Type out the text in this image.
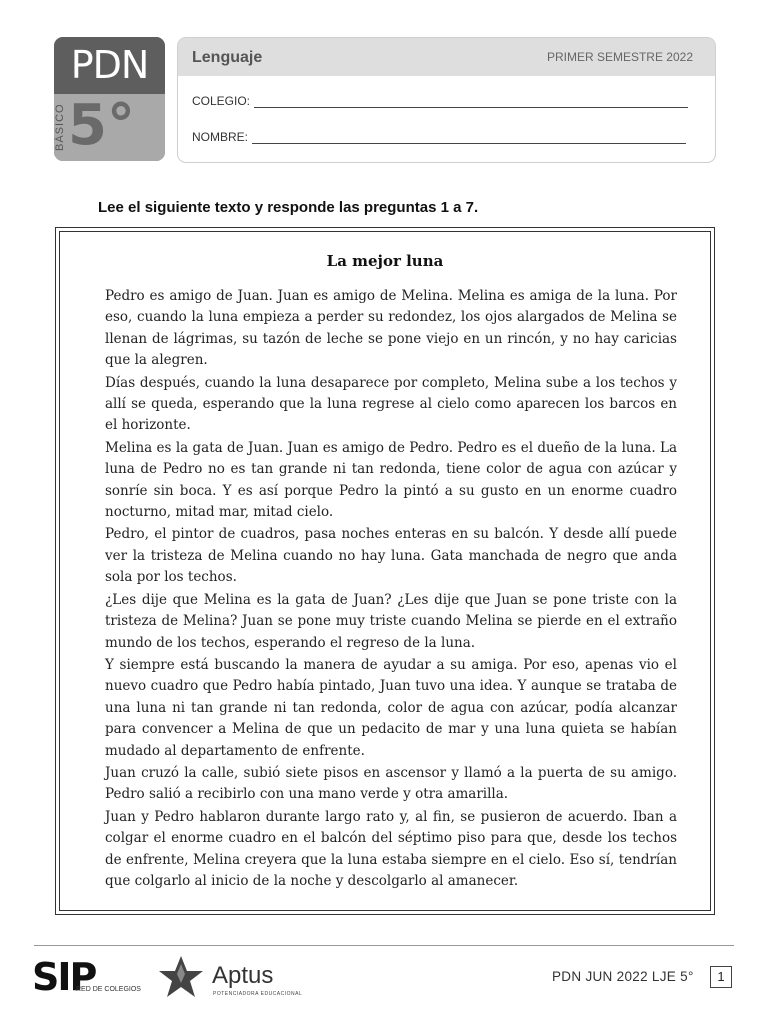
PDN
5°
BÁSICO
Lenguaje	PRIMER SEMESTRE 2022
COLEGIO:
NOMBRE:
Lee el siguiente texto y responde las preguntas 1 a 7.
La mejor luna

Pedro es amigo de Juan. Juan es amigo de Melina. Melina es amiga de la luna. Por eso, cuando la luna empieza a perder su redondez, los ojos alargados de Melina se llenan de lágrimas, su tazón de leche se pone viejo en un rincón, y no hay caricias que la alegren.

Días después, cuando la luna desaparece por completo, Melina sube a los techos y allí se queda, esperando que la luna regrese al cielo como aparecen los barcos en el horizonte.

Melina es la gata de Juan. Juan es amigo de Pedro. Pedro es el dueño de la luna. La luna de Pedro no es tan grande ni tan redonda, tiene color de agua con azúcar y sonríe sin boca. Y es así porque Pedro la pintó a su gusto en un enorme cuadro nocturno, mitad mar, mitad cielo.

Pedro, el pintor de cuadros, pasa noches enteras en su balcón. Y desde allí puede ver la tristeza de Melina cuando no hay luna. Gata manchada de negro que anda sola por los techos.

¿Les dije que Melina es la gata de Juan? ¿Les dije que Juan se pone triste con la tristeza de Melina? Juan se pone muy triste cuando Melina se pierde en el extraño mundo de los techos, esperando el regreso de la luna.

Y siempre está buscando la manera de ayudar a su amiga. Por eso, apenas vio el nuevo cuadro que Pedro había pintado, Juan tuvo una idea. Y aunque se trataba de una luna ni tan grande ni tan redonda, color de agua con azúcar, podía alcanzar para convencer a Melina de que un pedacito de mar y una luna quieta se habían mudado al departamento de enfrente.

Juan cruzó la calle, subió siete pisos en ascensor y llamó a la puerta de su amigo. Pedro salió a recibirlo con una mano verde y otra amarilla.

Juan y Pedro hablaron durante largo rato y, al fin, se pusieron de acuerdo. Iban a colgar el enorme cuadro en el balcón del séptimo piso para que, desde los techos de enfrente, Melina creyera que la luna estaba siempre en el cielo. Eso sí, tendrían que colgarlo al inicio de la noche y descolgarlo al amanecer.

SIP
RED DE COLEGIOS
Aptus
POTENCIADORA EDUCACIONAL
PDN JUN 2022 LJE 5°	1
